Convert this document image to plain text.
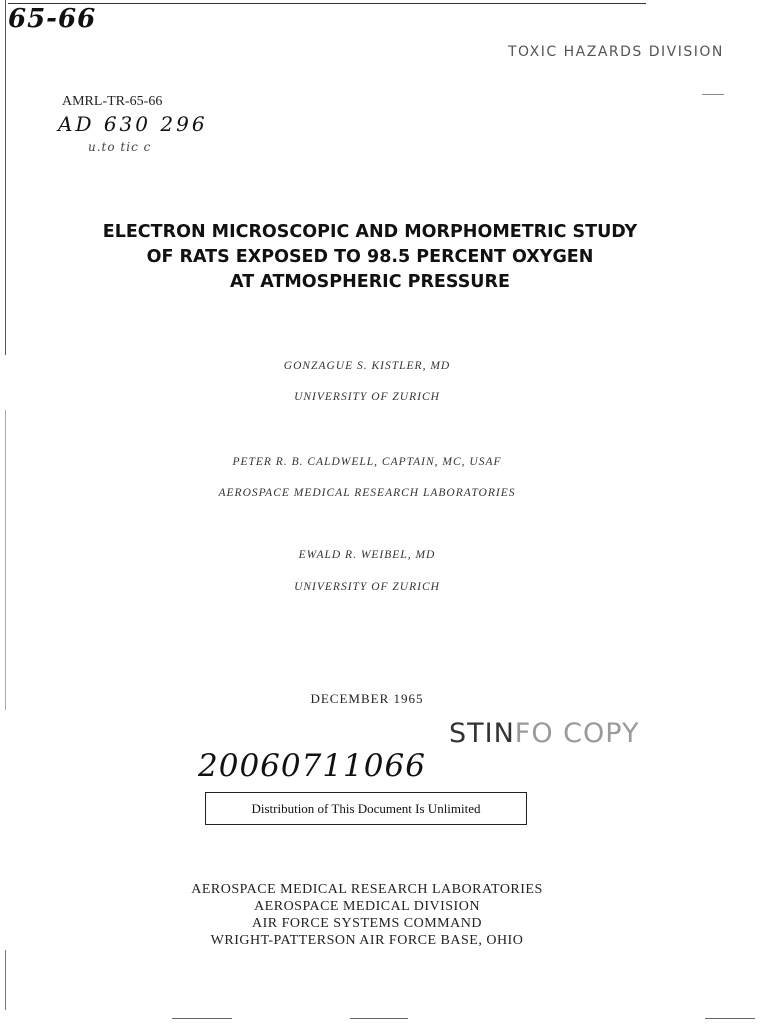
65-66
TOXIC HAZARDS DIVISION
AMRL-TR-65-66
AD 630 296
u.to tic c
ELECTRON MICROSCOPIC AND MORPHOMETRIC STUDY
OF RATS EXPOSED TO 98.5 PERCENT OXYGEN
AT ATMOSPHERIC PRESSURE
GONZAGUE S. KISTLER, MD
UNIVERSITY OF ZURICH
PETER R. B. CALDWELL, CAPTAIN, MC, USAF
AEROSPACE MEDICAL RESEARCH LABORATORIES
EWALD R. WEIBEL, MD
UNIVERSITY OF ZURICH
DECEMBER 1965
STINFO COPY
20060711066
Distribution of This Document Is Unlimited
AEROSPACE MEDICAL RESEARCH LABORATORIES
AEROSPACE MEDICAL DIVISION
AIR FORCE SYSTEMS COMMAND
WRIGHT-PATTERSON AIR FORCE BASE, OHIO
